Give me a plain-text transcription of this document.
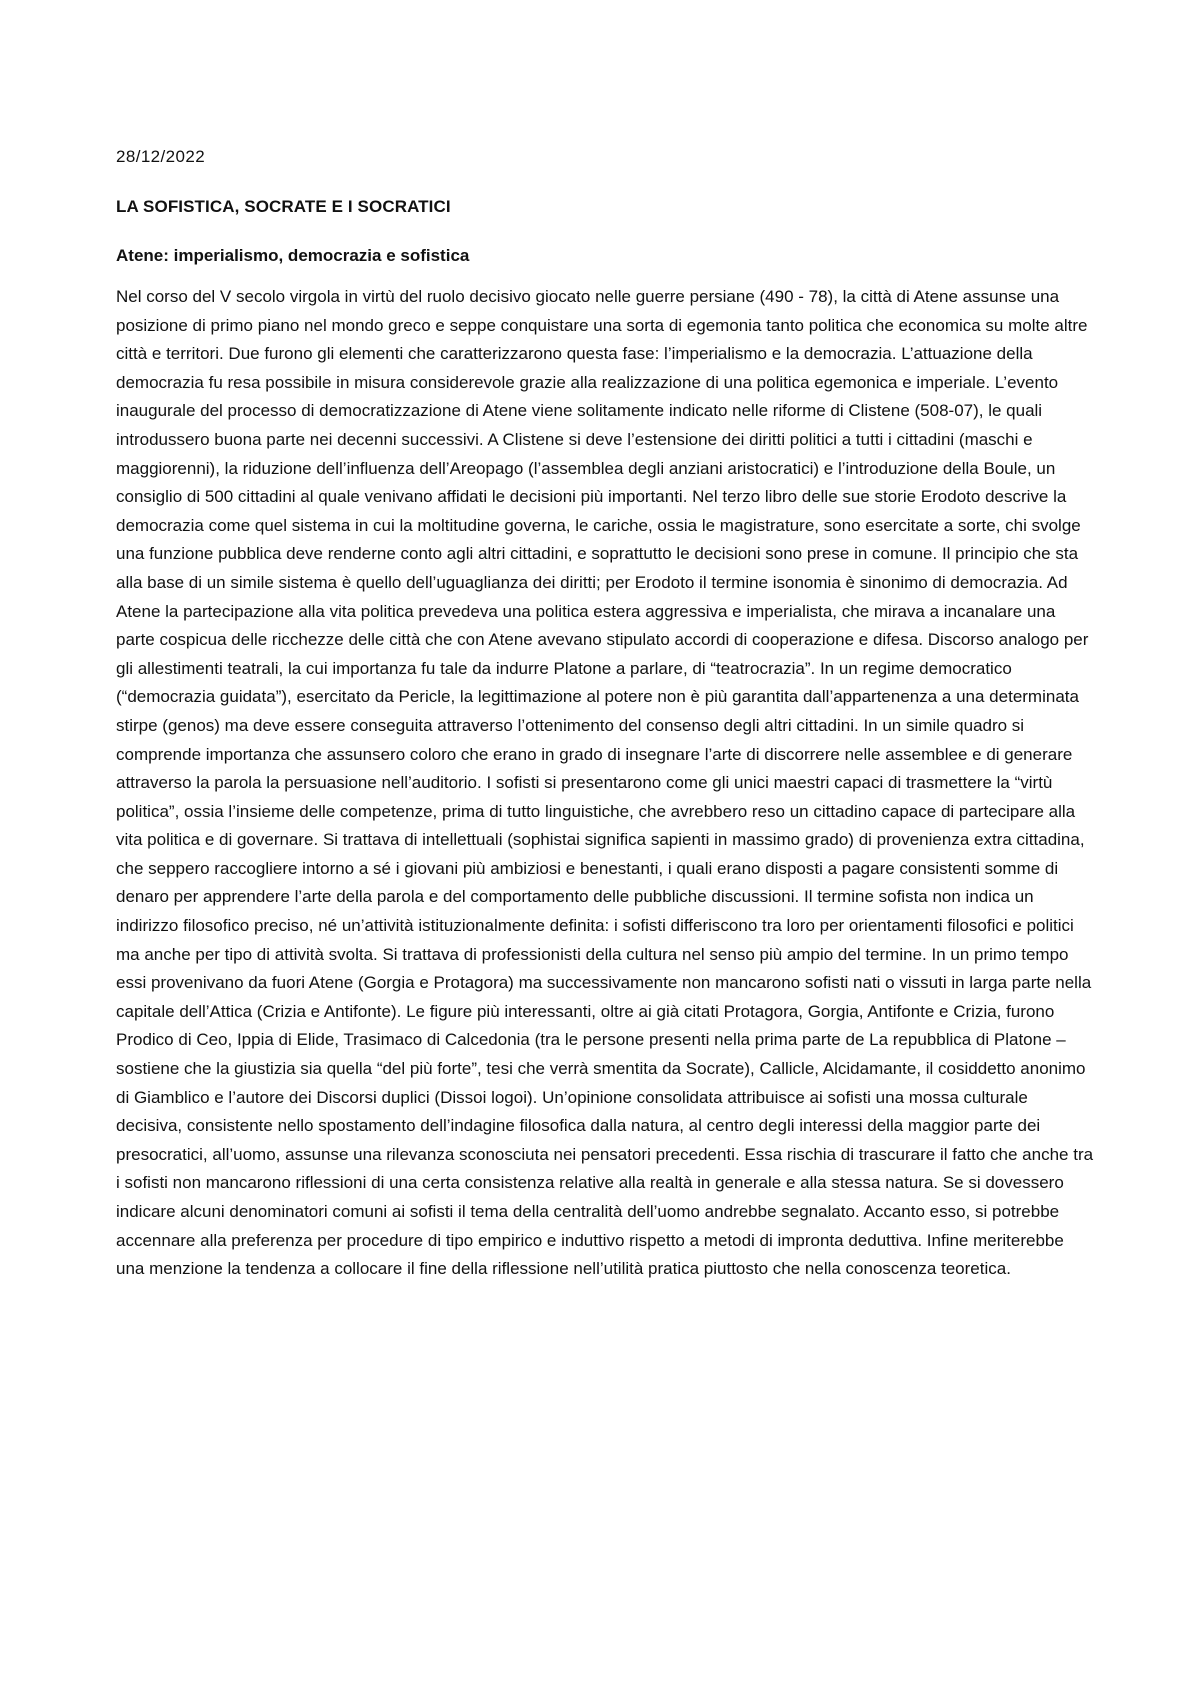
28/12/2022

LA SOFISTICA, SOCRATE E I SOCRATICI

Atene: imperialismo, democrazia e sofistica

Nel corso del V secolo virgola in virtù del ruolo decisivo giocato nelle guerre persiane (490 - 78), la città di Atene assunse una posizione di primo piano nel mondo greco e seppe conquistare una sorta di egemonia tanto politica che economica su molte altre città e territori. Due furono gli elementi che caratterizzarono questa fase: l’imperialismo e la democrazia. L’attuazione della democrazia fu resa possibile in misura considerevole grazie alla realizzazione di una politica egemonica e imperiale. L’evento inaugurale del processo di democratizzazione di Atene viene solitamente indicato nelle riforme di Clistene (508-07), le quali introdussero buona parte nei decenni successivi. A Clistene si deve l’estensione dei diritti politici a tutti i cittadini (maschi e maggiorenni), la riduzione dell’influenza dell’Areopago (l’assemblea degli anziani aristocratici) e l’introduzione della Boule, un consiglio di 500 cittadini al quale venivano affidati le decisioni più importanti. Nel terzo libro delle sue storie Erodoto descrive la democrazia come quel sistema in cui la moltitudine governa, le cariche, ossia le magistrature, sono esercitate a sorte, chi svolge una funzione pubblica deve renderne conto agli altri cittadini, e soprattutto le decisioni sono prese in comune. Il principio che sta alla base di un simile sistema è quello dell’uguaglianza dei diritti; per Erodoto il termine isonomia è sinonimo di democrazia. Ad Atene la partecipazione alla vita politica prevedeva una politica estera aggressiva e imperialista, che mirava a incanalare una parte cospicua delle ricchezze delle città che con Atene avevano stipulato accordi di cooperazione e difesa. Discorso analogo per gli allestimenti teatrali, la cui importanza fu tale da indurre Platone a parlare, di “teatrocrazia”. In un regime democratico (“democrazia guidata”), esercitato da Pericle, la legittimazione al potere non è più garantita dall’appartenenza a una determinata stirpe (genos) ma deve essere conseguita attraverso l’ottenimento del consenso degli altri cittadini. In un simile quadro si comprende importanza che assunsero coloro che erano in grado di insegnare l’arte di discorrere nelle assemblee e di generare attraverso la parola la persuasione nell’auditorio. I sofisti si presentarono come gli unici maestri capaci di trasmettere la “virtù politica”, ossia l’insieme delle competenze, prima di tutto linguistiche, che avrebbero reso un cittadino capace di partecipare alla vita politica e di governare. Si trattava di intellettuali (sophistai significa sapienti in massimo grado) di provenienza extra cittadina, che seppero raccogliere intorno a sé i giovani più ambiziosi e benestanti, i quali erano disposti a pagare consistenti somme di denaro per apprendere l’arte della parola e del comportamento delle pubbliche discussioni. Il termine sofista non indica un indirizzo filosofico preciso, né un’attività istituzionalmente definita: i sofisti differiscono tra loro per orientamenti filosofici e politici ma anche per tipo di attività svolta. Si trattava di professionisti della cultura nel senso più ampio del termine. In un primo tempo essi provenivano da fuori Atene (Gorgia e Protagora) ma successivamente non mancarono sofisti nati o vissuti in larga parte nella capitale dell’Attica (Crizia e Antifonte). Le figure più interessanti, oltre ai già citati Protagora, Gorgia, Antifonte e Crizia, furono Prodico di Ceo, Ippia di Elide, Trasimaco di Calcedonia (tra le persone presenti nella prima parte de La repubblica di Platone – sostiene che la giustizia sia quella “del più forte”, tesi che verrà smentita da Socrate), Callicle, Alcidamante, il cosiddetto anonimo di Giamblico e l’autore dei Discorsi duplici (Dissoi logoi). Un’opinione consolidata attribuisce ai sofisti una mossa culturale decisiva, consistente nello spostamento dell’indagine filosofica dalla natura, al centro degli interessi della maggior parte dei presocratici, all’uomo, assunse una rilevanza sconosciuta nei pensatori precedenti. Essa rischia di trascurare il fatto che anche tra i sofisti non mancarono riflessioni di una certa consistenza relative alla realtà in generale e alla stessa natura. Se si dovessero indicare alcuni denominatori comuni ai sofisti il tema della centralità dell’uomo andrebbe segnalato. Accanto esso, si potrebbe accennare alla preferenza per procedure di tipo empirico e induttivo rispetto a metodi di impronta deduttiva. Infine meriterebbe una menzione la tendenza a collocare il fine della riflessione nell’utilità pratica piuttosto che nella conoscenza teoretica.
